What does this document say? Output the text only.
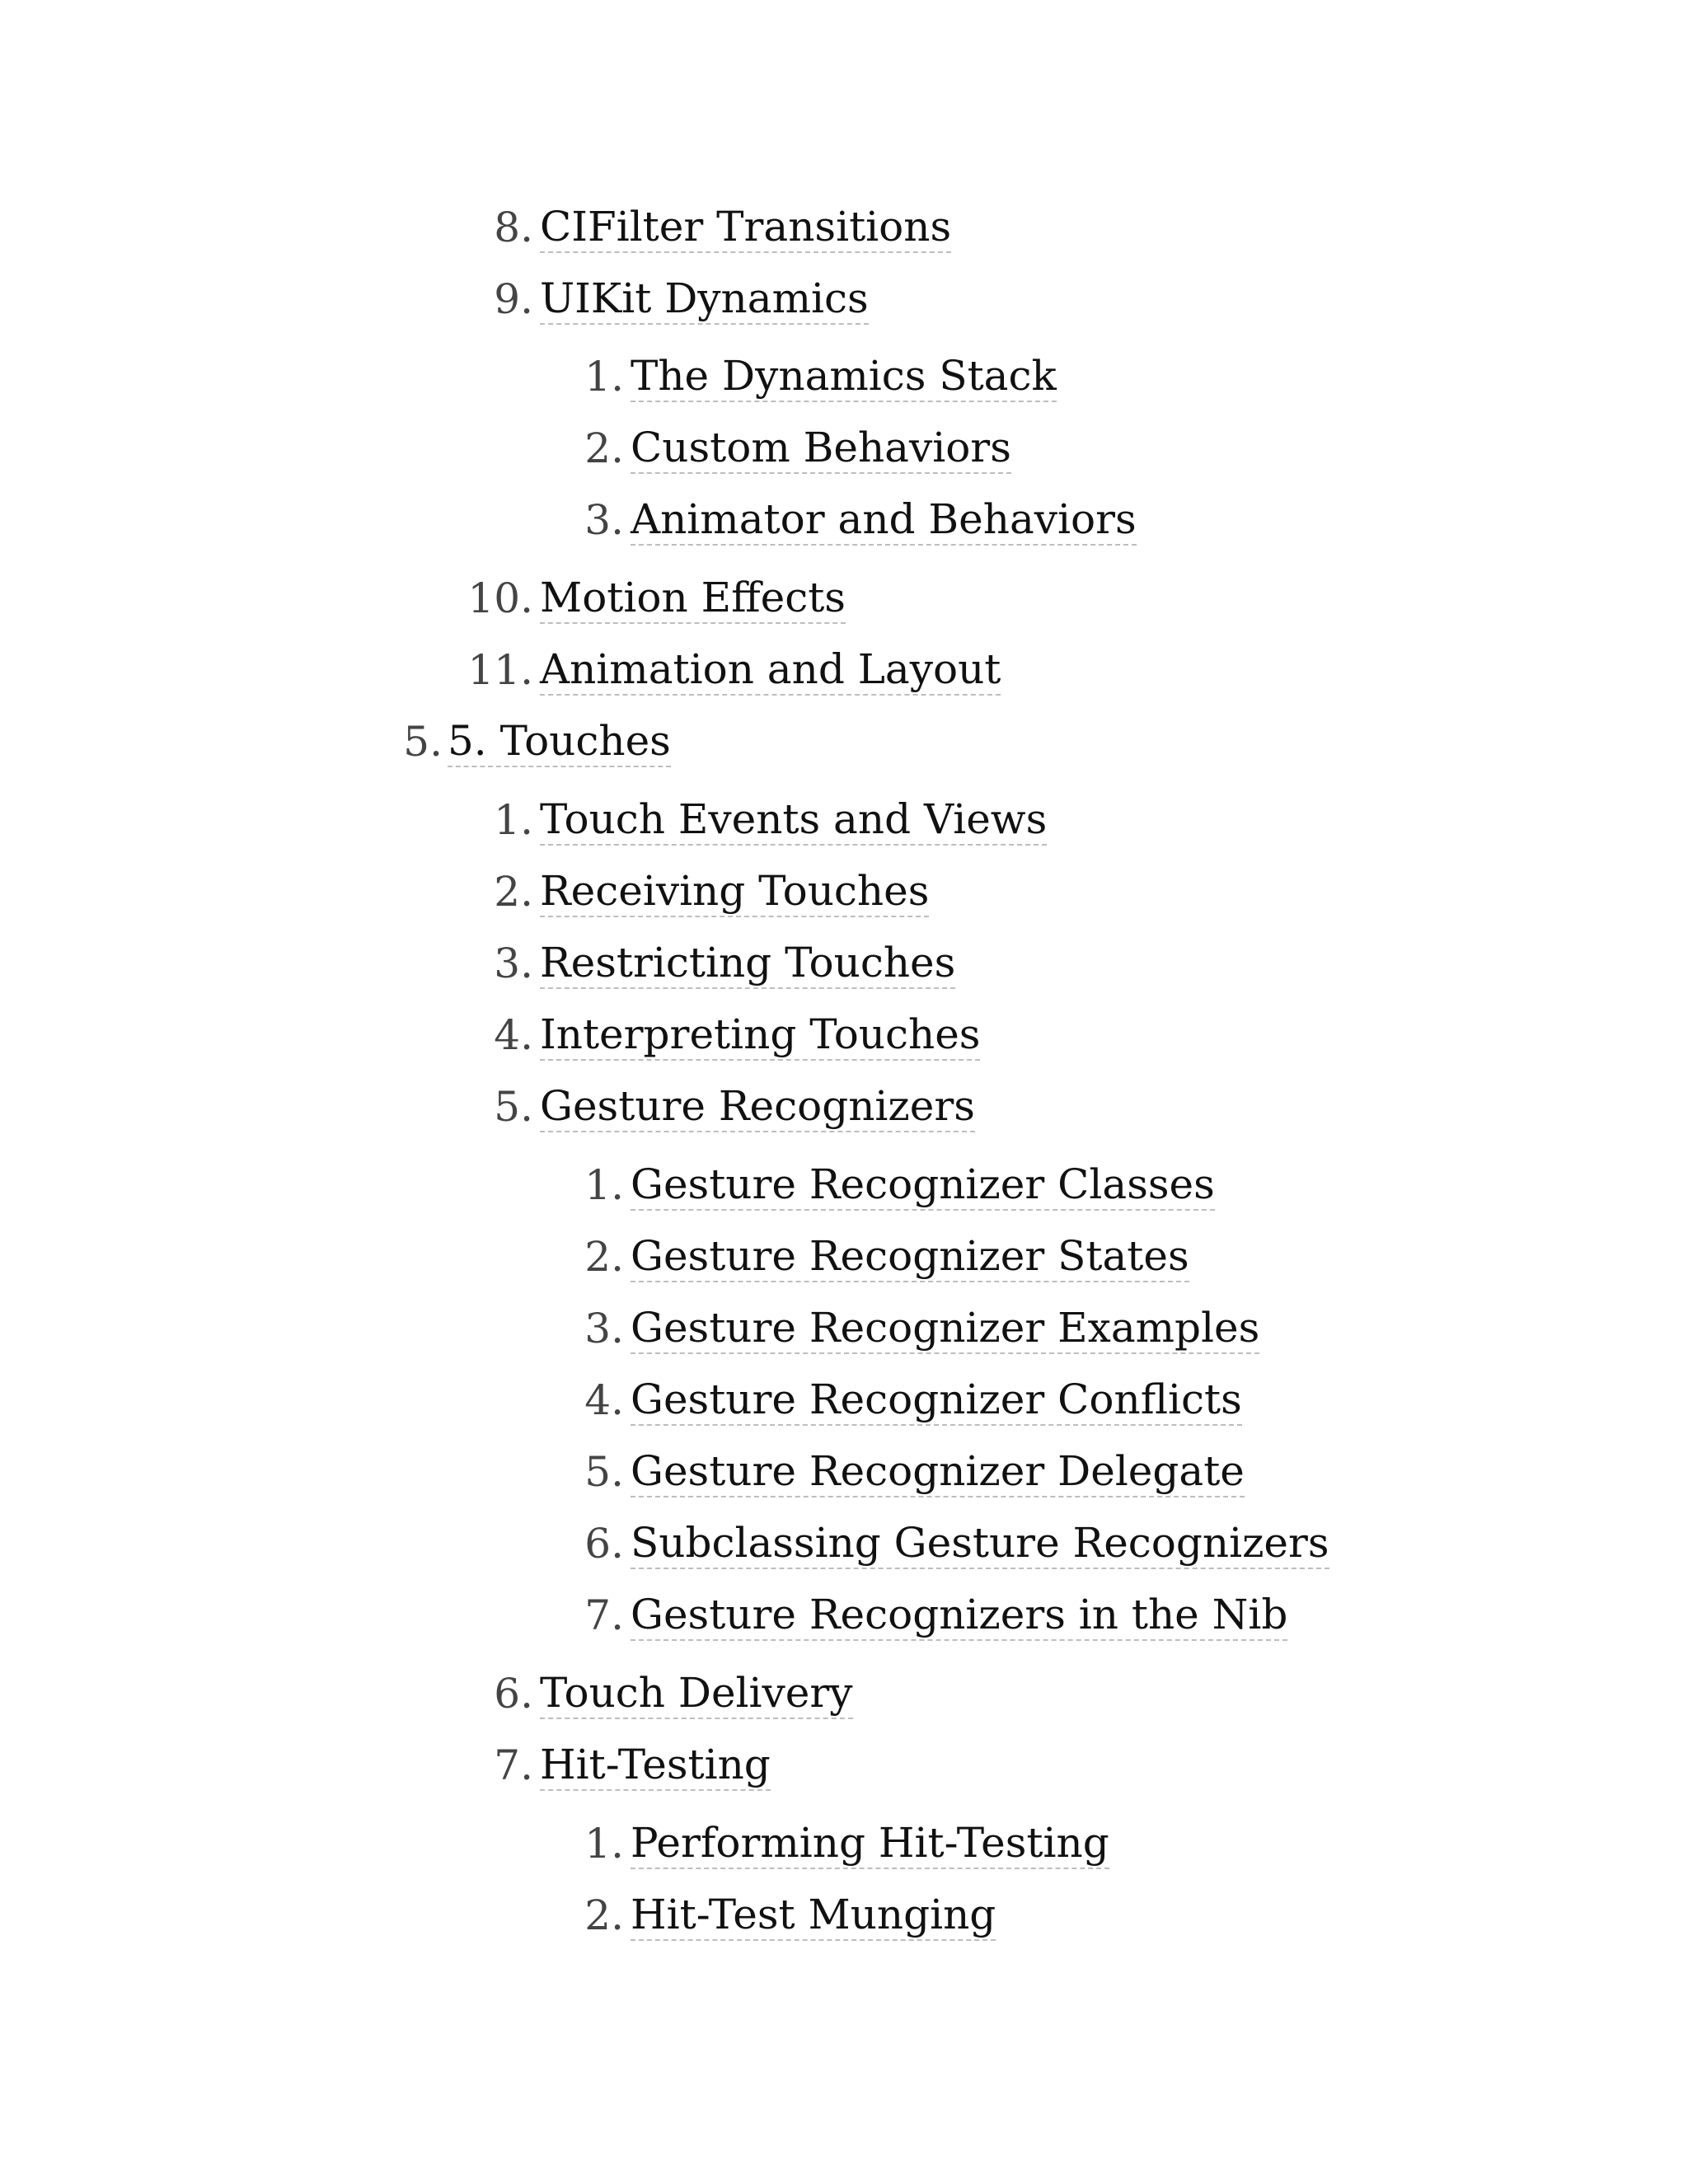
8. CIFilter Transitions
9. UIKit Dynamics
1. The Dynamics Stack
2. Custom Behaviors
3. Animator and Behaviors
10. Motion Effects
11. Animation and Layout
5. 5. Touches
1. Touch Events and Views
2. Receiving Touches
3. Restricting Touches
4. Interpreting Touches
5. Gesture Recognizers
1. Gesture Recognizer Classes
2. Gesture Recognizer States
3. Gesture Recognizer Examples
4. Gesture Recognizer Conflicts
5. Gesture Recognizer Delegate
6. Subclassing Gesture Recognizers
7. Gesture Recognizers in the Nib
6. Touch Delivery
7. Hit-Testing
1. Performing Hit-Testing
2. Hit-Test Munging
